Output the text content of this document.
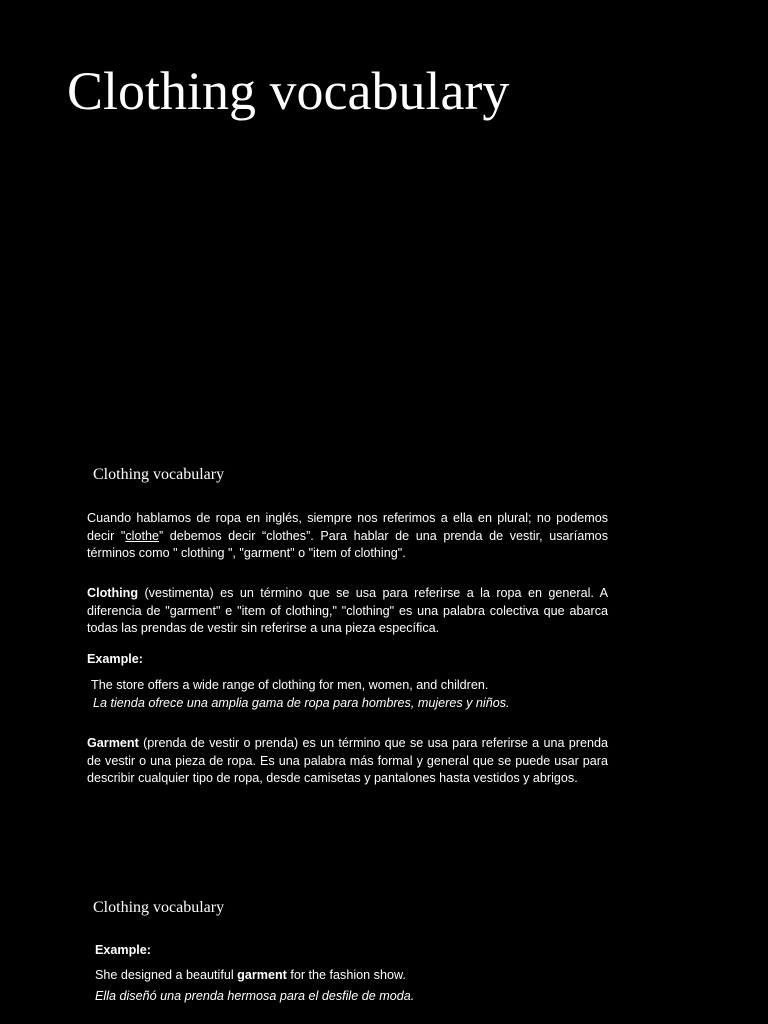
Clothing vocabulary
Clothing vocabulary

Cuando hablamos de ropa en inglés, siempre nos referimos a ella en plural; no podemos decir "clothe” debemos decir “clothes”. Para hablar de una prenda de vestir, usaríamos términos como " clothing ", "garment" o "item of clothing".

Clothing (vestimenta) es un término que se usa para referirse a la ropa en general. A diferencia de "garment" e "item of clothing," "clothing" es una palabra colectiva que abarca todas las prendas de vestir sin referirse a una pieza específica.

Example:
The store offers a wide range of clothing for men, women, and children.
La tienda ofrece una amplia gama de ropa para hombres, mujeres y niños.

Garment (prenda de vestir o prenda) es un término que se usa para referirse a una prenda de vestir o una pieza de ropa. Es una palabra más formal y general que se puede usar para describir cualquier tipo de ropa, desde camisetas y pantalones hasta vestidos y abrigos.

Clothing vocabulary
Example:
She designed a beautiful garment for the fashion show.
Ella diseñó una prenda hermosa para el desfile de moda.
